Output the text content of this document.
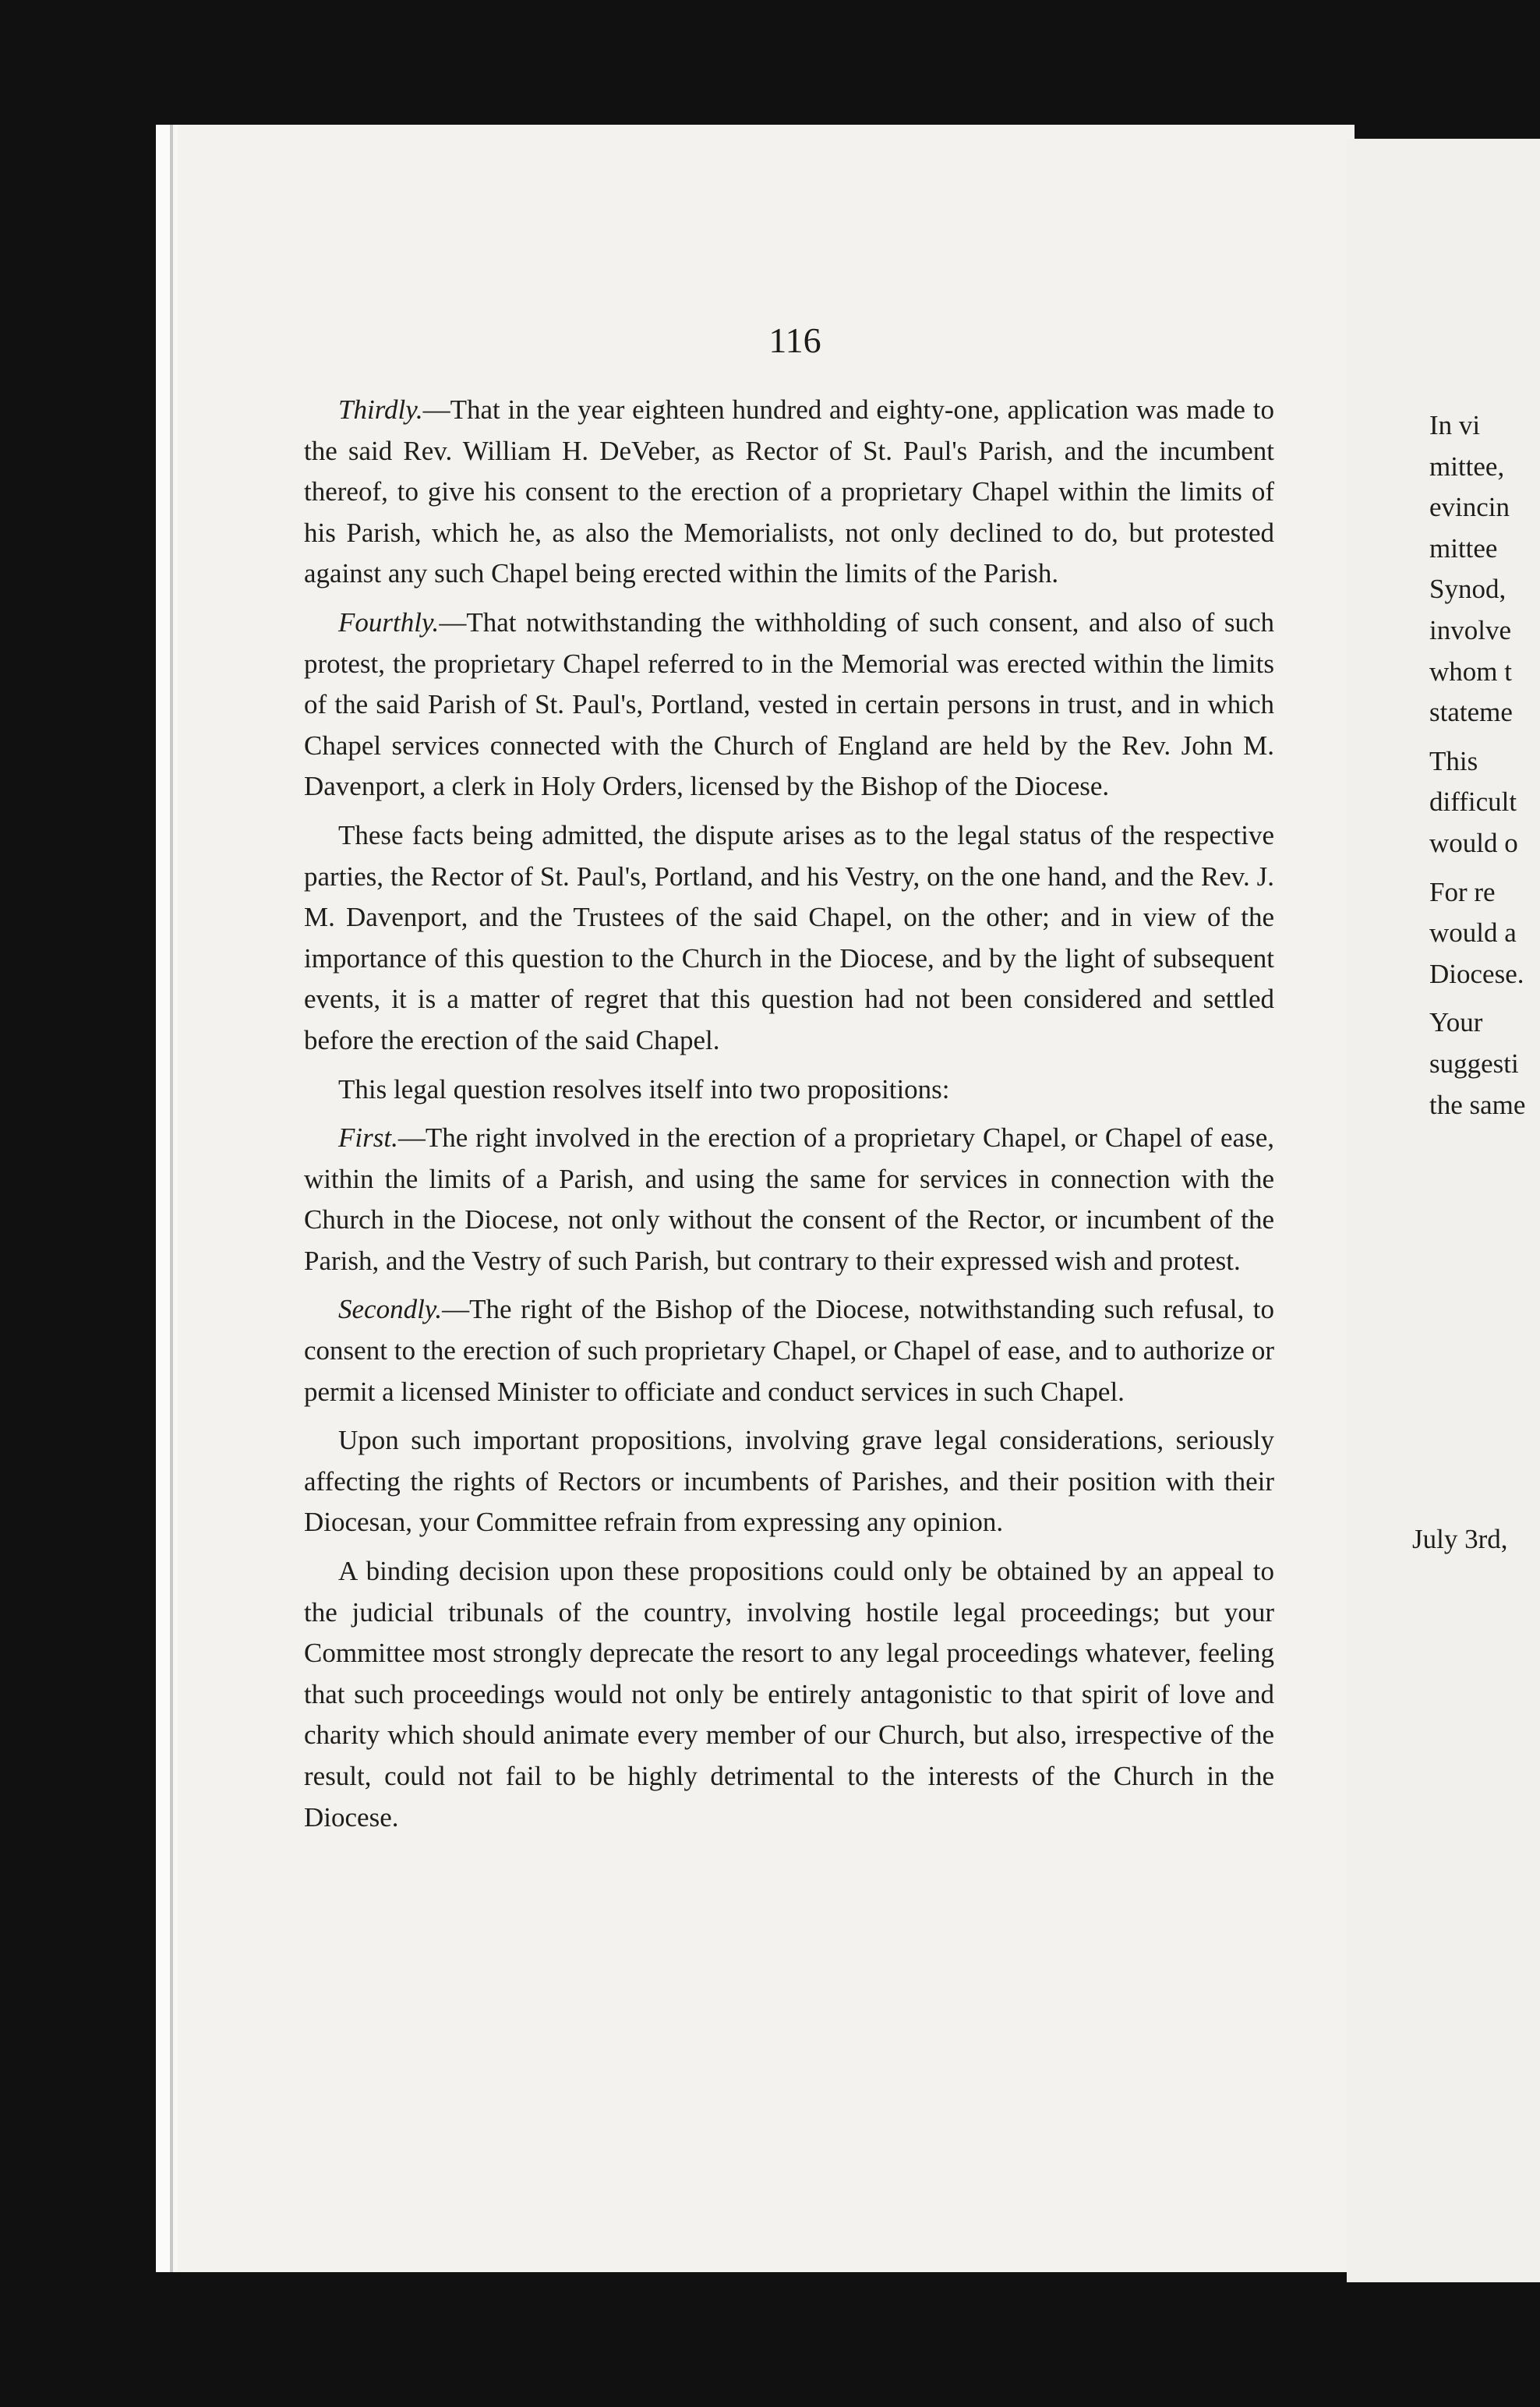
116

Thirdly.—That in the year eighteen hundred and eighty-one, application was made to the said Rev. William H. DeVeber, as Rector of St. Paul's Parish, and the incumbent thereof, to give his consent to the erection of a proprietary Chapel within the limits of his Parish, which he, as also the Memorialists, not only declined to do, but protested against any such Chapel being erected within the limits of the Parish.

Fourthly.—That notwithstanding the withholding of such consent, and also of such protest, the proprietary Chapel referred to in the Memorial was erected within the limits of the said Parish of St. Paul's, Portland, vested in certain persons in trust, and in which Chapel services connected with the Church of England are held by the Rev. John M. Davenport, a clerk in Holy Orders, licensed by the Bishop of the Diocese.

These facts being admitted, the dispute arises as to the legal status of the respective parties, the Rector of St. Paul's, Portland, and his Vestry, on the one hand, and the Rev. J. M. Davenport, and the Trustees of the said Chapel, on the other; and in view of the importance of this question to the Church in the Diocese, and by the light of subsequent events, it is a matter of regret that this question had not been considered and settled before the erection of the said Chapel.

This legal question resolves itself into two propositions:

First.—The right involved in the erection of a proprietary Chapel, or Chapel of ease, within the limits of a Parish, and using the same for services in connection with the Church in the Diocese, not only without the consent of the Rector, or incumbent of the Parish, and the Vestry of such Parish, but contrary to their expressed wish and protest.

Secondly.—The right of the Bishop of the Diocese, notwithstanding such refusal, to consent to the erection of such proprietary Chapel, or Chapel of ease, and to authorize or permit a licensed Minister to officiate and conduct services in such Chapel.

Upon such important propositions, involving grave legal considerations, seriously affecting the rights of Rectors or incumbents of Parishes, and their position with their Diocesan, your Committee refrain from expressing any opinion.

A binding decision upon these propositions could only be obtained by an appeal to the judicial tribunals of the country, involving hostile legal proceedings; but your Committee most strongly deprecate the resort to any legal proceedings whatever, feeling that such proceedings would not only be entirely antagonistic to that spirit of love and charity which should animate every member of our Church, but also, irrespective of the result, could not fail to be highly detrimental to the interests of the Church in the Diocese.

In vi
mittee,
evincin
mittee
Synod,
involve
whom t
stateme

This
difficult
would o

For re
would a
Diocese.

Your
suggesti
the same

July 3rd,
